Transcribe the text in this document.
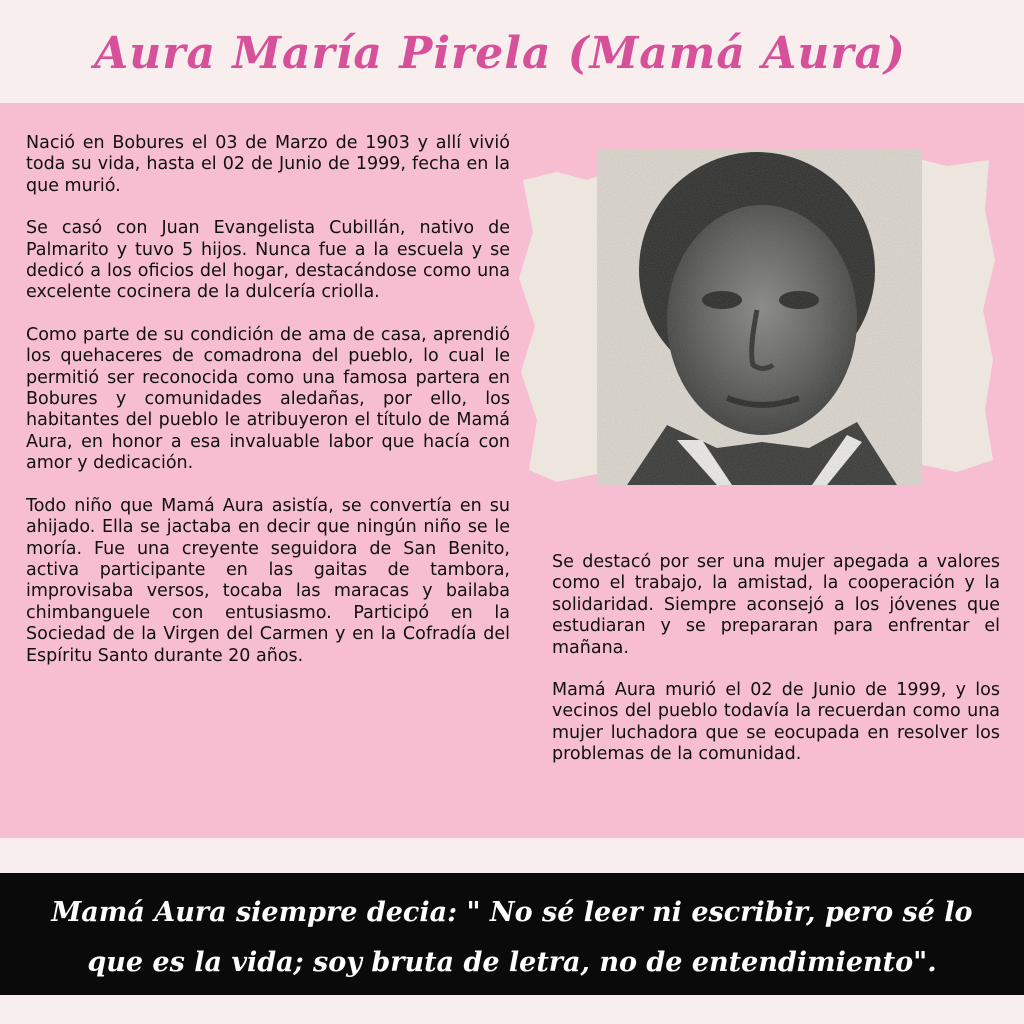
Aura María Pirela (Mamá Aura)

Nació en Bobures el 03 de Marzo de 1903 y allí vivió toda su vida, hasta el 02 de Junio de 1999, fecha en la que murió.

Se casó con Juan Evangelista Cubillán, nativo de Palmarito y tuvo 5 hijos. Nunca fue a la escuela y se dedicó a los oficios del hogar, destacándose como una excelente cocinera de la dulcería criolla.

Como parte de su condición de ama de casa, aprendió los quehaceres de comadrona del pueblo, lo cual le permitió ser reconocida como una famosa partera en Bobures y comunidades aledañas, por ello, los habitantes del pueblo le atribuyeron el título de Mamá Aura, en honor a esa invaluable labor que hacía con amor y dedicación.

Todo niño que Mamá Aura asistía, se convertía en su ahijado. Ella se jactaba en decir que ningún niño se le moría. Fue una creyente seguidora de San Benito, activa participante en las gaitas de tambora, improvisaba versos, tocaba las maracas y bailaba chimbanguele con entusiasmo. Participó en la Sociedad de la Virgen del Carmen y en la Cofradía del Espíritu Santo durante 20 años.

Se destacó por ser una mujer apegada a valores como el trabajo, la amistad, la cooperación y la solidaridad. Siempre aconsejó a los jóvenes que estudiaran y se prepararan para enfrentar el mañana.

Mamá Aura murió el 02 de Junio de 1999, y los vecinos del pueblo todavía la recuerdan como una mujer luchadora que se eocupada en resolver los problemas de la comunidad.

Mamá Aura siempre decia: " No sé leer ni escribir, pero sé lo que es la vida; soy bruta de letra, no de entendimiento".
